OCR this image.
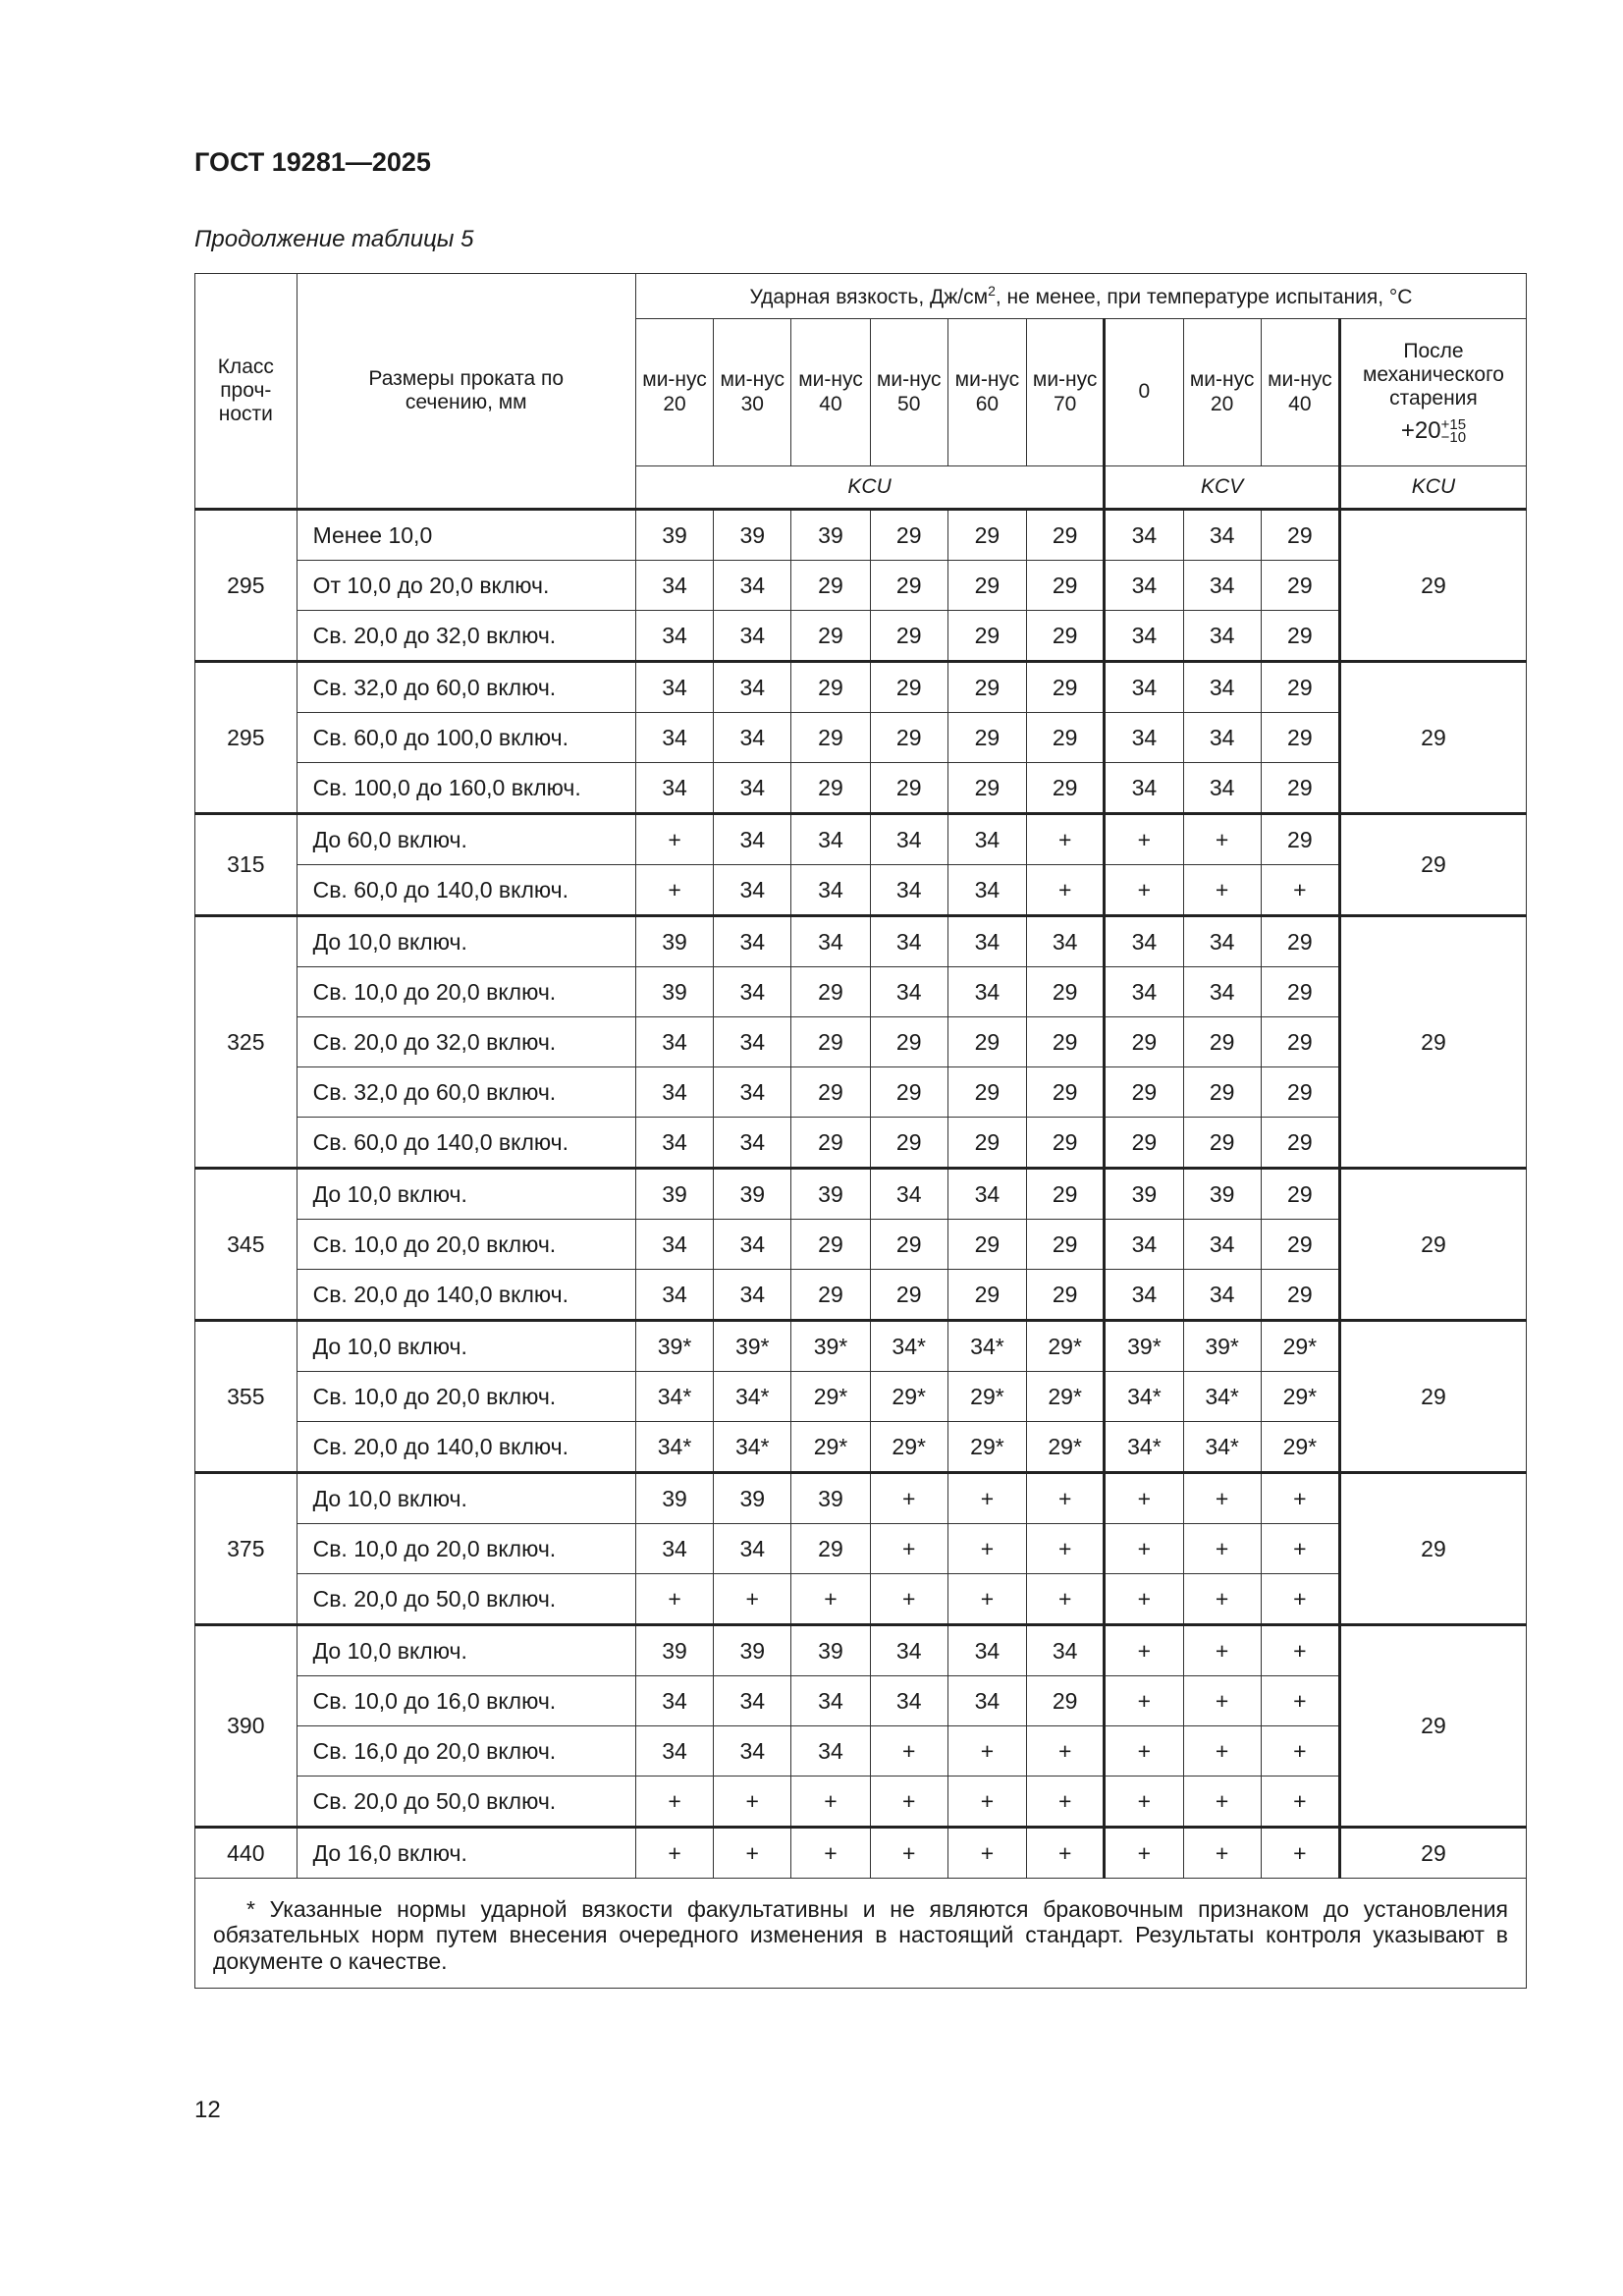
ГОСТ 19281—2025
Продолжение таблицы 5
Класс проч-ности	Размеры проката по сечению, мм	Ударная вязкость, $Дж/см^2$, не менее, при температуре испытания, °С									
		ми-нус 20	ми-нус 30	ми-нус 40	ми-нус 50	ми-нус 60	ми-нус 70	0	ми-нус 20	ми-нус 40	После механического старения
+20+15
−10

		KCU						KCV			KCU
295	Менее 10,0	39	39	39	29	29	29	34	34	29	29
	От 10,0 до 20,0 включ.	34	34	29	29	29	29	34	34	29	
	Св. 20,0 до 32,0 включ.	34	34	29	29	29	29	34	34	29	
295	Св. 32,0 до 60,0 включ.	34	34	29	29	29	29	34	34	29	29
	Св. 60,0 до 100,0 включ.	34	34	29	29	29	29	34	34	29	
	Св. 100,0 до 160,0 включ.	34	34	29	29	29	29	34	34	29	
315	До 60,0 включ.	+	34	34	34	34	+	+	+	29	29
	Св. 60,0 до 140,0 включ.	+	34	34	34	34	+	+	+	+	
325	До 10,0 включ.	39	34	34	34	34	34	34	34	29	29
	Св. 10,0 до 20,0 включ.	39	34	29	34	34	29	34	34	29	
	Св. 20,0 до 32,0 включ.	34	34	29	29	29	29	29	29	29	
	Св. 32,0 до 60,0 включ.	34	34	29	29	29	29	29	29	29	
	Св. 60,0 до 140,0 включ.	34	34	29	29	29	29	29	29	29	
345	До 10,0 включ.	39	39	39	34	34	29	39	39	29	29
	Св. 10,0 до 20,0 включ.	34	34	29	29	29	29	34	34	29	
	Св. 20,0 до 140,0 включ.	34	34	29	29	29	29	34	34	29	
355	До 10,0 включ.	39*	39*	39*	34*	34*	29*	39*	39*	29*	29
	Св. 10,0 до 20,0 включ.	34*	34*	29*	29*	29*	29*	34*	34*	29*	
	Св. 20,0 до 140,0 включ.	34*	34*	29*	29*	29*	29*	34*	34*	29*	
375	До 10,0 включ.	39	39	39	+	+	+	+	+	+	29
	Св. 10,0 до 20,0 включ.	34	34	29	+	+	+	+	+	+	
	Св. 20,0 до 50,0 включ.	+	+	+	+	+	+	+	+	+	
390	До 10,0 включ.	39	39	39	34	34	34	+	+	+	29
	Св. 10,0 до 16,0 включ.	34	34	34	34	34	29	+	+	+	
	Св. 16,0 до 20,0 включ.	34	34	34	+	+	+	+	+	+	
	Св. 20,0 до 50,0 включ.	+	+	+	+	+	+	+	+	+	
440	До 16,0 включ.	+	+	+	+	+	+	+	+	+	29
* Указанные нормы ударной вязкости факультативны и не являются браковочным признаком до установления обязательных норм путем внесения очередного изменения в настоящий стандарт. Результаты контроля указывают в документе о качестве.											
12
